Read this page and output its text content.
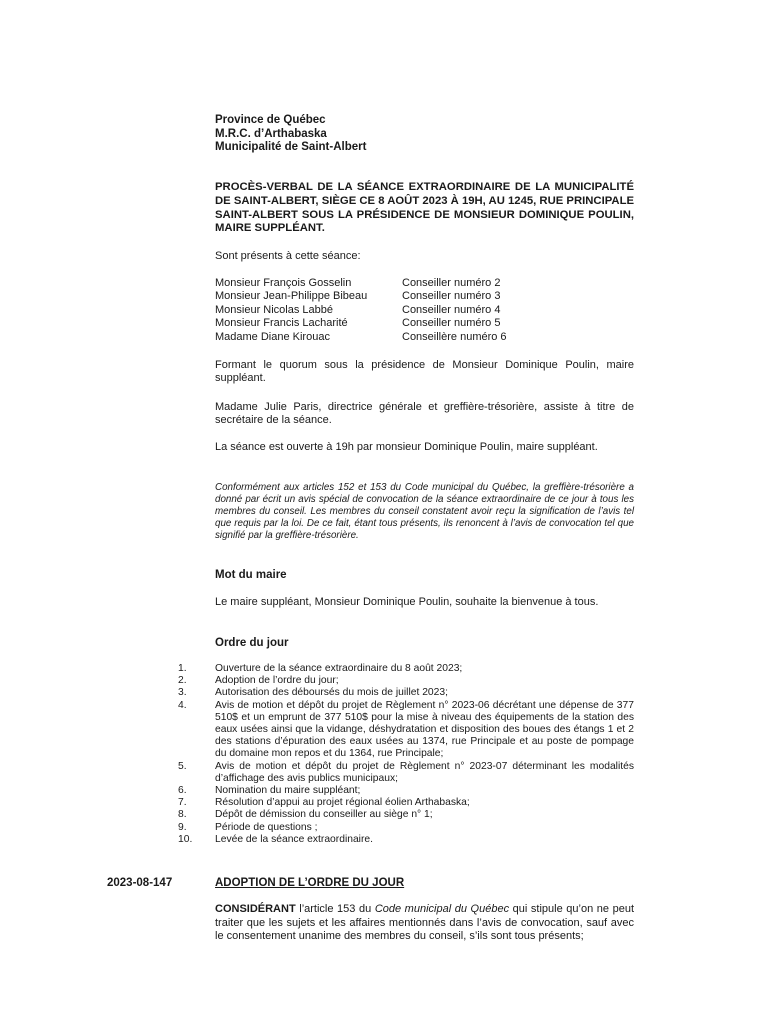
Province de Québec

M.R.C. d’Arthabaska

Municipalité de Saint-Albert

PROCÈS-VERBAL DE LA SÉANCE EXTRAORDINAIRE DE LA MUNICIPALITÉ DE SAINT-ALBERT, SIÈGE CE 8 AOÛT 2023 À 19H, AU 1245, RUE PRINCIPALE SAINT-ALBERT SOUS LA PRÉSIDENCE DE MONSIEUR DOMINIQUE POULIN, MAIRE SUPPLÉANT.

Sont présents à cette séance:

Monsieur François Gosselin	Conseiller numéro 2
Monsieur Jean-Philippe Bibeau	Conseiller numéro 3
Monsieur Nicolas Labbé	Conseiller numéro 4
Monsieur Francis Lacharité	Conseiller numéro 5
Madame Diane Kirouac	Conseillère numéro 6

Formant le quorum sous la présidence de Monsieur Dominique Poulin, maire suppléant.

Madame Julie Paris, directrice générale et greffière-trésorière, assiste à titre de secrétaire de la séance.

La séance est ouverte à 19h par monsieur Dominique Poulin, maire suppléant.

Conformément aux articles 152 et 153 du Code municipal du Québec, la greffière-trésorière a donné par écrit un avis spécial de convocation de la séance extraordinaire de ce jour à tous les membres du conseil. Les membres du conseil constatent avoir reçu la signification de l’avis tel que requis par la loi. De ce fait, étant tous présents, ils renoncent à l’avis de convocation tel que signifié par la greffière-trésorière.

Mot du maire

Le maire suppléant, Monsieur Dominique Poulin, souhaite la bienvenue à tous.

Ordre du jour

1.	Ouverture de la séance extraordinaire du 8 août 2023;
2.	Adoption de l’ordre du jour;
3.	Autorisation des déboursés du mois de juillet 2023;
4.	Avis de motion et dépôt du projet de Règlement n° 2023-06 décrétant une dépense de 377 510$ et un emprunt de 377 510$ pour la mise à niveau des équipements de la station des eaux usées ainsi que la vidange, déshydratation et disposition des boues des étangs 1 et 2 des stations d’épuration des eaux usées au 1374, rue Principale et au poste de pompage du domaine mon repos et du 1364, rue Principale;
5.	Avis de motion et dépôt du projet de Règlement n° 2023-07 déterminant les modalités d’affichage des avis publics municipaux;
6.	Nomination du maire suppléant;
7.	Résolution d’appui au projet régional éolien Arthabaska;
8.	Dépôt de démission du conseiller au siège n° 1;
9.	Période de questions ;
10.	Levée de la séance extraordinaire.

2023-08-147	ADOPTION DE L’ORDRE DU JOUR

CONSIDÉRANT l’article 153 du Code municipal du Québec qui stipule qu’on ne peut traiter que les sujets et les affaires mentionnés dans l’avis de convocation, sauf avec le consentement unanime des membres du conseil, s’ils sont tous présents;
